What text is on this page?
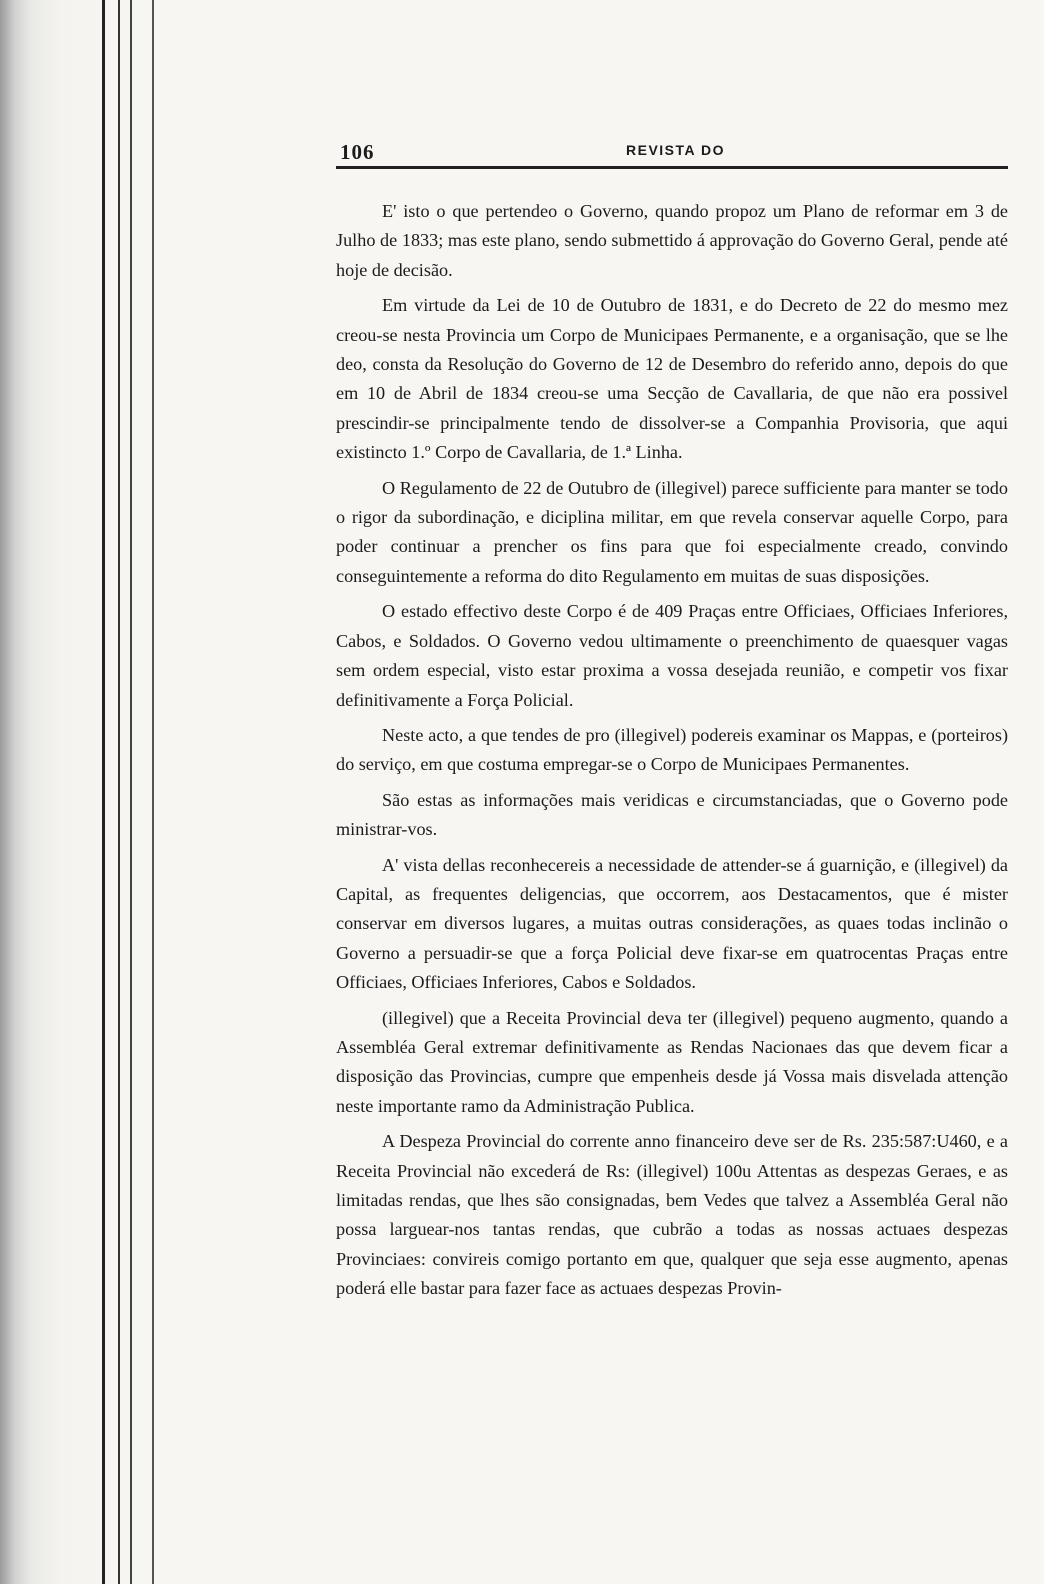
106	REVISTA DO

E' isto o que pertendeo o Governo, quando propoz um Plano de reformar em 3 de Julho de 1833; mas este plano, sendo submettido á approvação do Governo Geral, pende até hoje de decisão.

Em virtude da Lei de 10 de Outubro de 1831, e do Decreto de 22 do mesmo mez creou-se nesta Provincia um Corpo de Municipaes Permanente, e a organisação, que se lhe deo, consta da Resolução do Governo de 12 de Desembro do referido anno, depois do que em 10 de Abril de 1834 creou-se uma Secção de Cavallaria, de que não era possivel prescindir-se principalmente tendo de dissolver-se a Companhia Provisoria, que aqui existincto 1.º Corpo de Cavallaria, de 1.ª Linha.

O Regulamento de 22 de Outubro de (illegivel) parece sufficiente para manter se todo o rigor da subordinação, e diciplina militar, em que revela conservar aquelle Corpo, para poder continuar a prencher os fins para que foi especialmente creado, convindo conseguintemente a reforma do dito Regulamento em muitas de suas disposições.

O estado effectivo deste Corpo é de 409 Praças entre Officiaes, Officiaes Inferiores, Cabos, e Soldados. O Governo vedou ultimamente o preenchimento de quaesquer vagas sem ordem especial, visto estar proxima a vossa desejada reunião, e competir vos fixar definitivamente a Força Policial.

Neste acto, a que tendes de pro (illegivel) podereis examinar os Mappas, e (porteiros) do serviço, em que costuma empregar-se o Corpo de Municipaes Permanentes.

São estas as informações mais veridicas e circumstanciadas, que o Governo pode ministrar-vos.

A' vista dellas reconhecereis a necessidade de attender-se á guarnição, e (illegivel) da Capital, as frequentes deligencias, que occorrem, aos Destacamentos, que é mister conservar em diversos lugares, a muitas outras considerações, as quaes todas inclinão o Governo a persuadir-se que a força Policial deve fixar-se em quatrocentas Praças entre Officiaes, Officiaes Inferiores, Cabos e Soldados.

(illegivel) que a Receita Provincial deva ter (illegivel) pequeno augmento, quando a Assembléa Geral extremar definitivamente as Rendas Nacionaes das que devem ficar a disposição das Provincias, cumpre que empenheis desde já Vossa mais disvelada attenção neste importante ramo da Administração Publica.

A Despeza Provincial do corrente anno financeiro deve ser de Rs. 235:587:U460, e a Receita Provincial não excederá de Rs: (illegivel) 100u Attentas as despezas Geraes, e as limitadas rendas, que lhes são consignadas, bem Vedes que talvez a Assembléa Geral não possa larguear-nos tantas rendas, que cubrão a todas as nossas actuaes despezas Provinciaes: convireis comigo portanto em que, qualquer que seja esse augmento, apenas poderá elle bastar para fazer face as actuaes despezas Provin-
